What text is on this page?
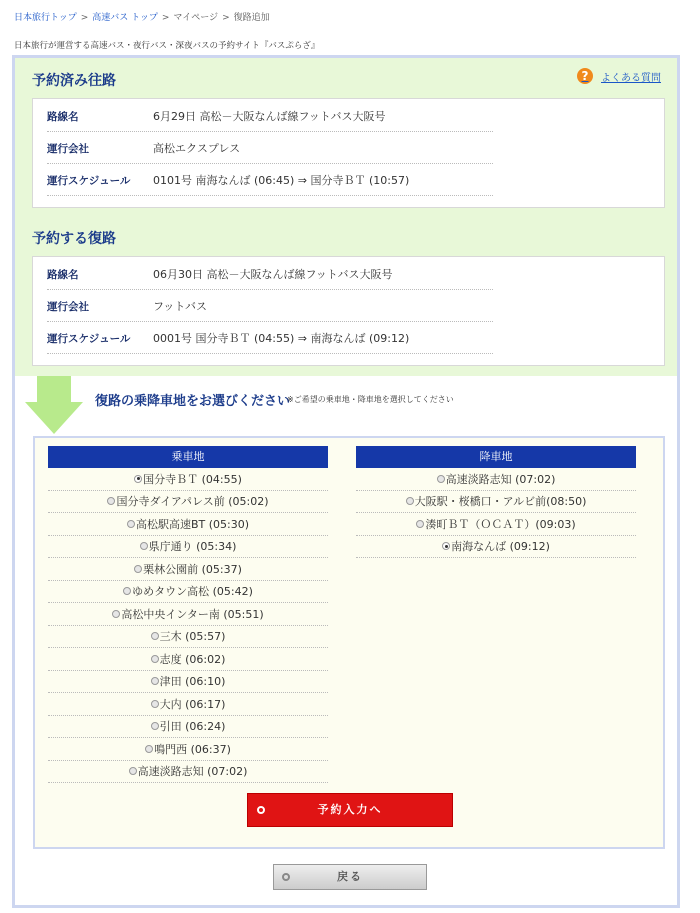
日本旅行トップ > 高速バス トップ > マイページ > 復路追加
日本旅行が運営する高速バス・夜行バス・深夜バスの予約サイト『バスぷらざ』
予約済み往路	?	よくある質問
路線名	6月29日 高松－大阪なんば線フットバス大阪号
運行会社	高松エクスプレス
運行スケジュール	0101号 南海なんば (06:45) ⇒ 国分寺ＢＴ (10:57)
予約する復路
路線名	06月30日 高松－大阪なんば線フットバス大阪号
運行会社	フットバス
運行スケジュール	0001号 国分寺ＢＴ (04:55) ⇒ 南海なんば (09:12)
復路の乗降車地をお選びください
※ご希望の乗車地・降車地を選択してください
乗車地
国分寺ＢＴ (04:55)
国分寺ダイアパレス前 (05:02)
高松駅高速BT (05:30)
県庁通り (05:34)
栗林公園前 (05:37)
ゆめタウン高松 (05:42)
高松中央インター南 (05:51)
三木 (05:57)
志度 (06:02)
津田 (06:10)
大内 (06:17)
引田 (06:24)
鳴門西 (06:37)
高速淡路志知 (07:02)
降車地
高速淡路志知 (07:02)
大阪駅・桜橋口・アルビ前(08:50)
湊町ＢＴ（ＯＣＡＴ）(09:03)
南海なんば (09:12)
予約入力へ
戻る
